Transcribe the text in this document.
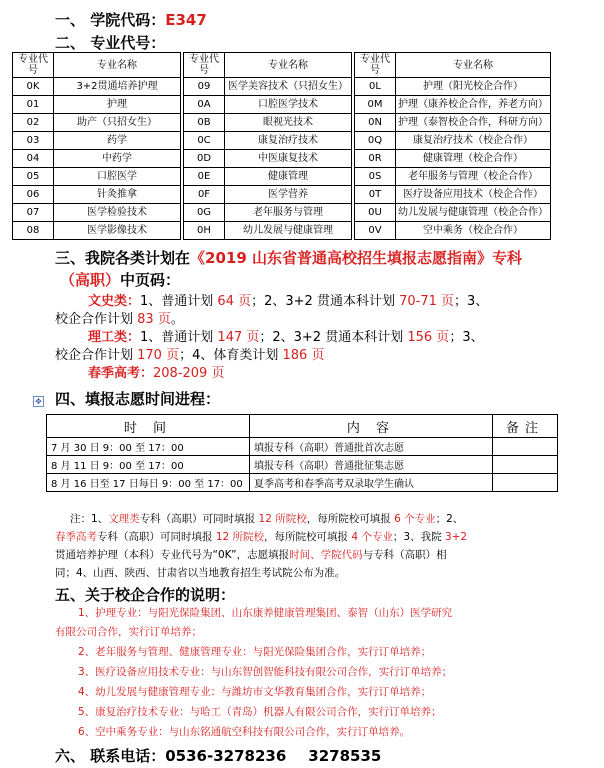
一、 学院代码：E347
二、 专业代号：
专业代号	专业名称		专业代号	专业名称		专业代号	专业名称
0K	3+2贯通培养护理		09	医学美容技术（只招女生）		0L	护理（阳光校企合作）
01	护理		0A	口腔医学技术		0M	护理（康养校企合作，养老方向）
02	助产（只招女生）		0B	眼视光技术		0N	护理（泰智校企合作，科研方向）
03	药学		0C	康复治疗技术		0Q	康复治疗技术（校企合作）
04	中药学		0D	中医康复技术		0R	健康管理（校企合作）
05	口腔医学		0E	健康管理		0S	老年服务与管理（校企合作）
06	针灸推拿		0F	医学营养		0T	医疗设备应用技术（校企合作）
07	医学检验技术		0G	老年服务与管理		0U	幼儿发展与健康管理（校企合作）
08	医学影像技术		0H	幼儿发展与健康管理		0V	空中乘务（校企合作）
三、我院各类计划在《2019 山东省普通高校招生填报志愿指南》专科
（高职）中页码：
文史类：1、普通计划 64 页；2、3+2 贯通本科计划 70-71 页；3、
校企合作计划 83 页。
理工类：1、普通计划 147 页；2、3+2 贯通本科计划 156 页；3、
校企合作计划 170 页；4、体育类计划 186 页
春季高考：208-209 页
✥ 四、填报志愿时间进程：
时 间	内 容	备注
7 月 30 日 9：00 至 17：00	填报专科（高职）普通批首次志愿	
8 月 11 日 9：00 至 17：00	填报专科（高职）普通批征集志愿	
8 月 16 日至 17 日每日 9：00 至 17：00	夏季高考和春季高考双录取学生确认	
注：1、文理类专科（高职）可同时填报 12 所院校，每所院校可填报 6 个专业；2、
春季高考专科（高职）可同时填报 12 所院校，每所院校可填报 4 个专业；3、我院 3+2
贯通培养护理（本科）专业代号为“0K”，志愿填报时间、学院代码与专科（高职）相
同；4、山西、陕西、甘肃省以当地教育招生考试院公布为准。
五、关于校企合作的说明：
1、护理专业：与阳光保险集团、山东康养健康管理集团、泰智（山东）医学研究
有限公司合作，实行订单培养；
2、老年服务与管理、健康管理专业：与阳光保险集团合作，实行订单培养；
3、医疗设备应用技术专业：与山东智创智能科技有限公司合作，实行订单培养；
4、幼儿发展与健康管理专业：与潍坊市文华教育集团合作，实行订单培养；
5、康复治疗技术专业：与哈工（青岛）机器人有限公司合作，实行订单培养；
6、空中乘务专业：与山东铭通航空科技有限公司合作，实行订单培养。
六、 联系电话：0536-3278236 3278535
